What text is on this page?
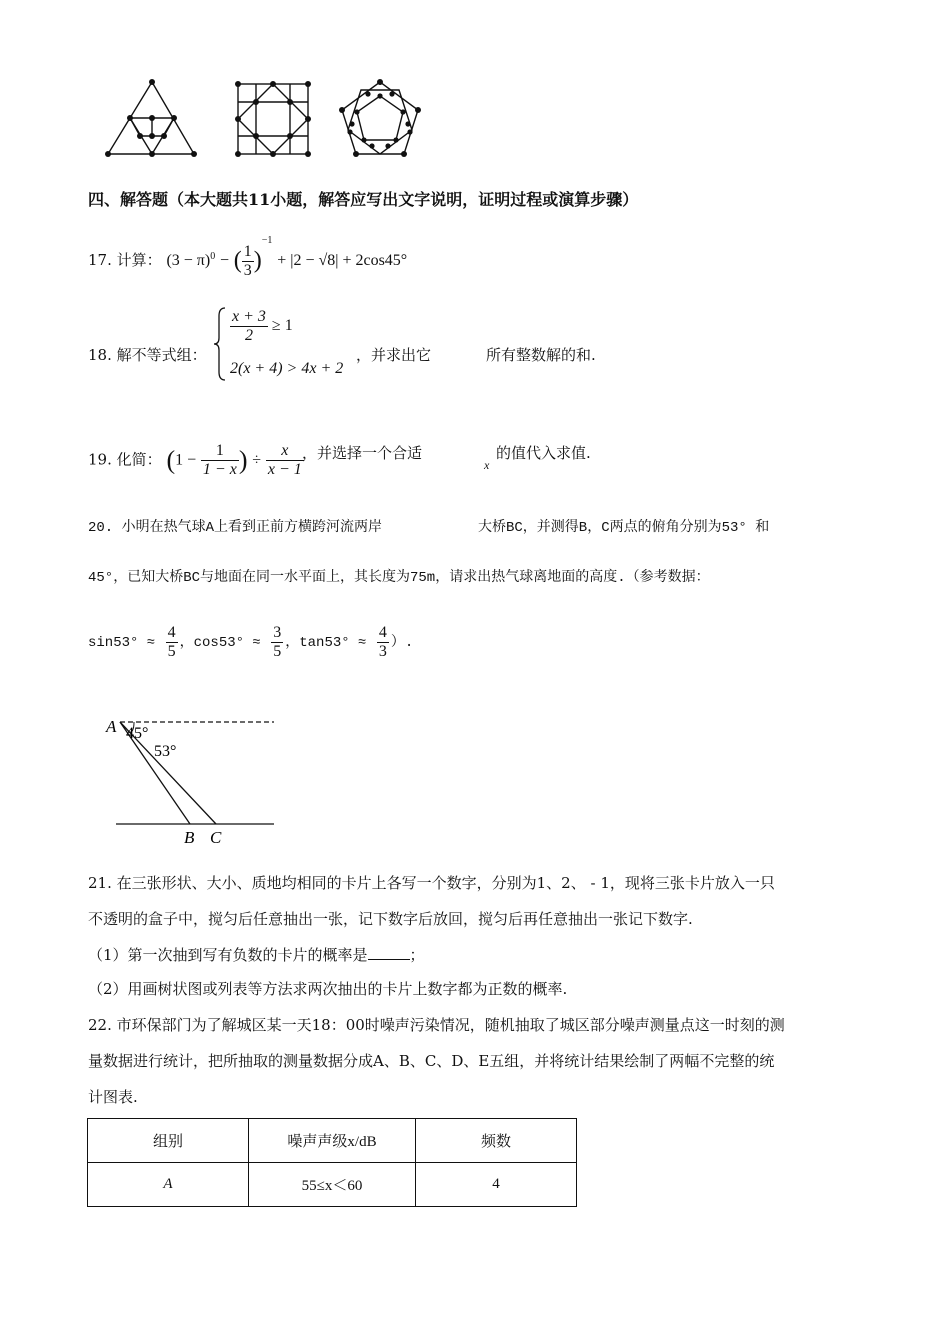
四、解答题（本大题共11小题，解答应写出文字说明，证明过程或演算步骤）
17. 计算： $(3 - \pi)^0$ − ( $\frac{1}{3} )^{-1} + |2 - √8| + 2\cos 45^\circ$
18. 解不等式组：
$\frac{x + 3}{2} \ge 1$
2(x + 4) > 4x + 2
，并求出它	所有整数解的和.
19. 化简： ($1 - \frac{1}{1 - x}$ ) ÷ $\frac{x}{x - 1}$
，并选择一个合适
x
的值代入求值.
20. 小明在热气球A上看到正前方横跨河流两岸	大桥BC，并测得B，C两点的俯角分别为53° 和
45°，已知大桥BC与地面在同一水平面上，其长度为75m，请求出热气球离地面的高度.（参考数据：
$\sin 53^\circ \approx \frac{4}{5}$ ，$\cos 53^\circ \approx \frac{3}{5}$ ，$\tan 53^\circ \approx \frac{4}{3}$ ）.
A 45°
53°
B C
21. 在三张形状、大小、质地均相同的卡片上各写一个数字，分别为1、2、 - 1，现将三张卡片放入一只
不透明的盒子中，搅匀后任意抽出一张，记下数字后放回，搅匀后再任意抽出一张记下数字.
（1）第一次抽到写有负数的卡片的概率是	；
（2）用画树状图或列表等方法求两次抽出的卡片上数字都为正数的概率.
22. 市环保部门为了解城区某一天18：00时噪声污染情况，随机抽取了城区部分噪声测量点这一时刻的测
量数据进行统计，把所抽取的测量数据分成A、B、C、D、E五组，并将统计结果绘制了两幅不完整的统
计图表.
组别	噪声声级x/dB	频数
A	55≤x＜60	4
